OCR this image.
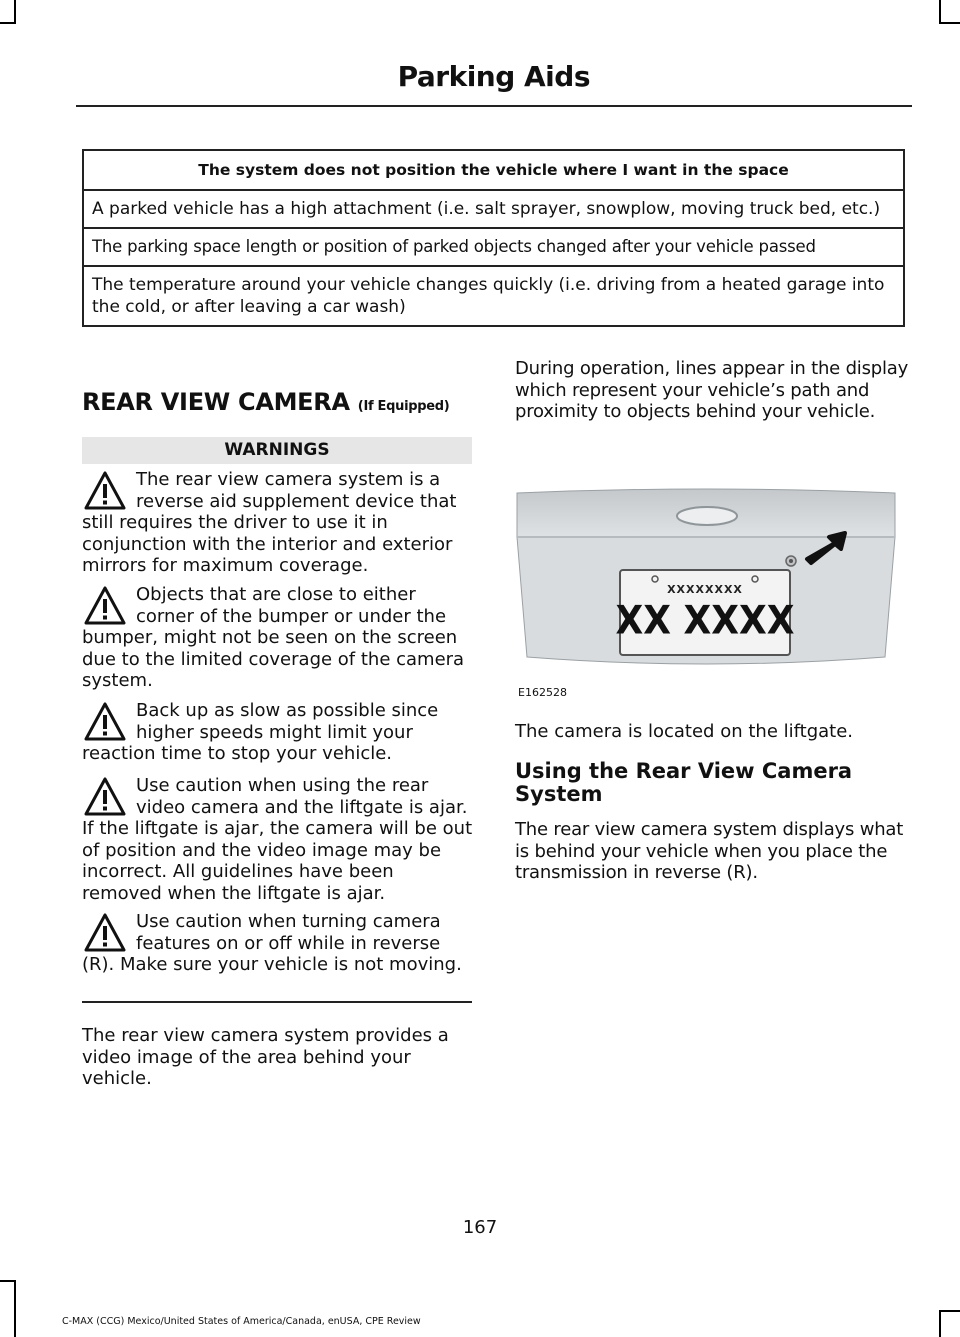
Parking Aids
The system does not position the vehicle where I want in the space
A parked vehicle has a high attachment (i.e. salt sprayer, snowplow, moving truck bed, etc.)
The parking space length or position of parked objects changed after your vehicle passed
The temperature around your vehicle changes quickly (i.e. driving from a heated garage into the cold, or after leaving a car wash)
REAR VIEW CAMERA (If Equipped)
WARNINGS

The rear view camera system is a reverse aid supplement device that still requires the driver to use it in conjunction with the interior and exterior mirrors for maximum coverage.

Objects that are close to either corner of the bumper or under the bumper, might not be seen on the screen due to the limited coverage of the camera system.

Back up as slow as possible since higher speeds might limit your reaction time to stop your vehicle.

Use caution when using the rear video camera and the liftgate is ajar. If the liftgate is ajar, the camera will be out of position and the video image may be incorrect. All guidelines have been removed when the liftgate is ajar.

Use caution when turning camera features on or off while in reverse (R). Make sure your vehicle is not moving.

The rear view camera system provides a video image of the area behind your vehicle.

During operation, lines appear in the display which represent your vehicle’s path and proximity to objects behind your vehicle.

XXXXXXXX
XX XXXX
E162528

The camera is located on the liftgate.

Using the Rear View Camera System

The rear view camera system displays what is behind your vehicle when you place the transmission in reverse (R).

167
C-MAX (CCG) Mexico/United States of America/Canada, enUSA, CPE Review
